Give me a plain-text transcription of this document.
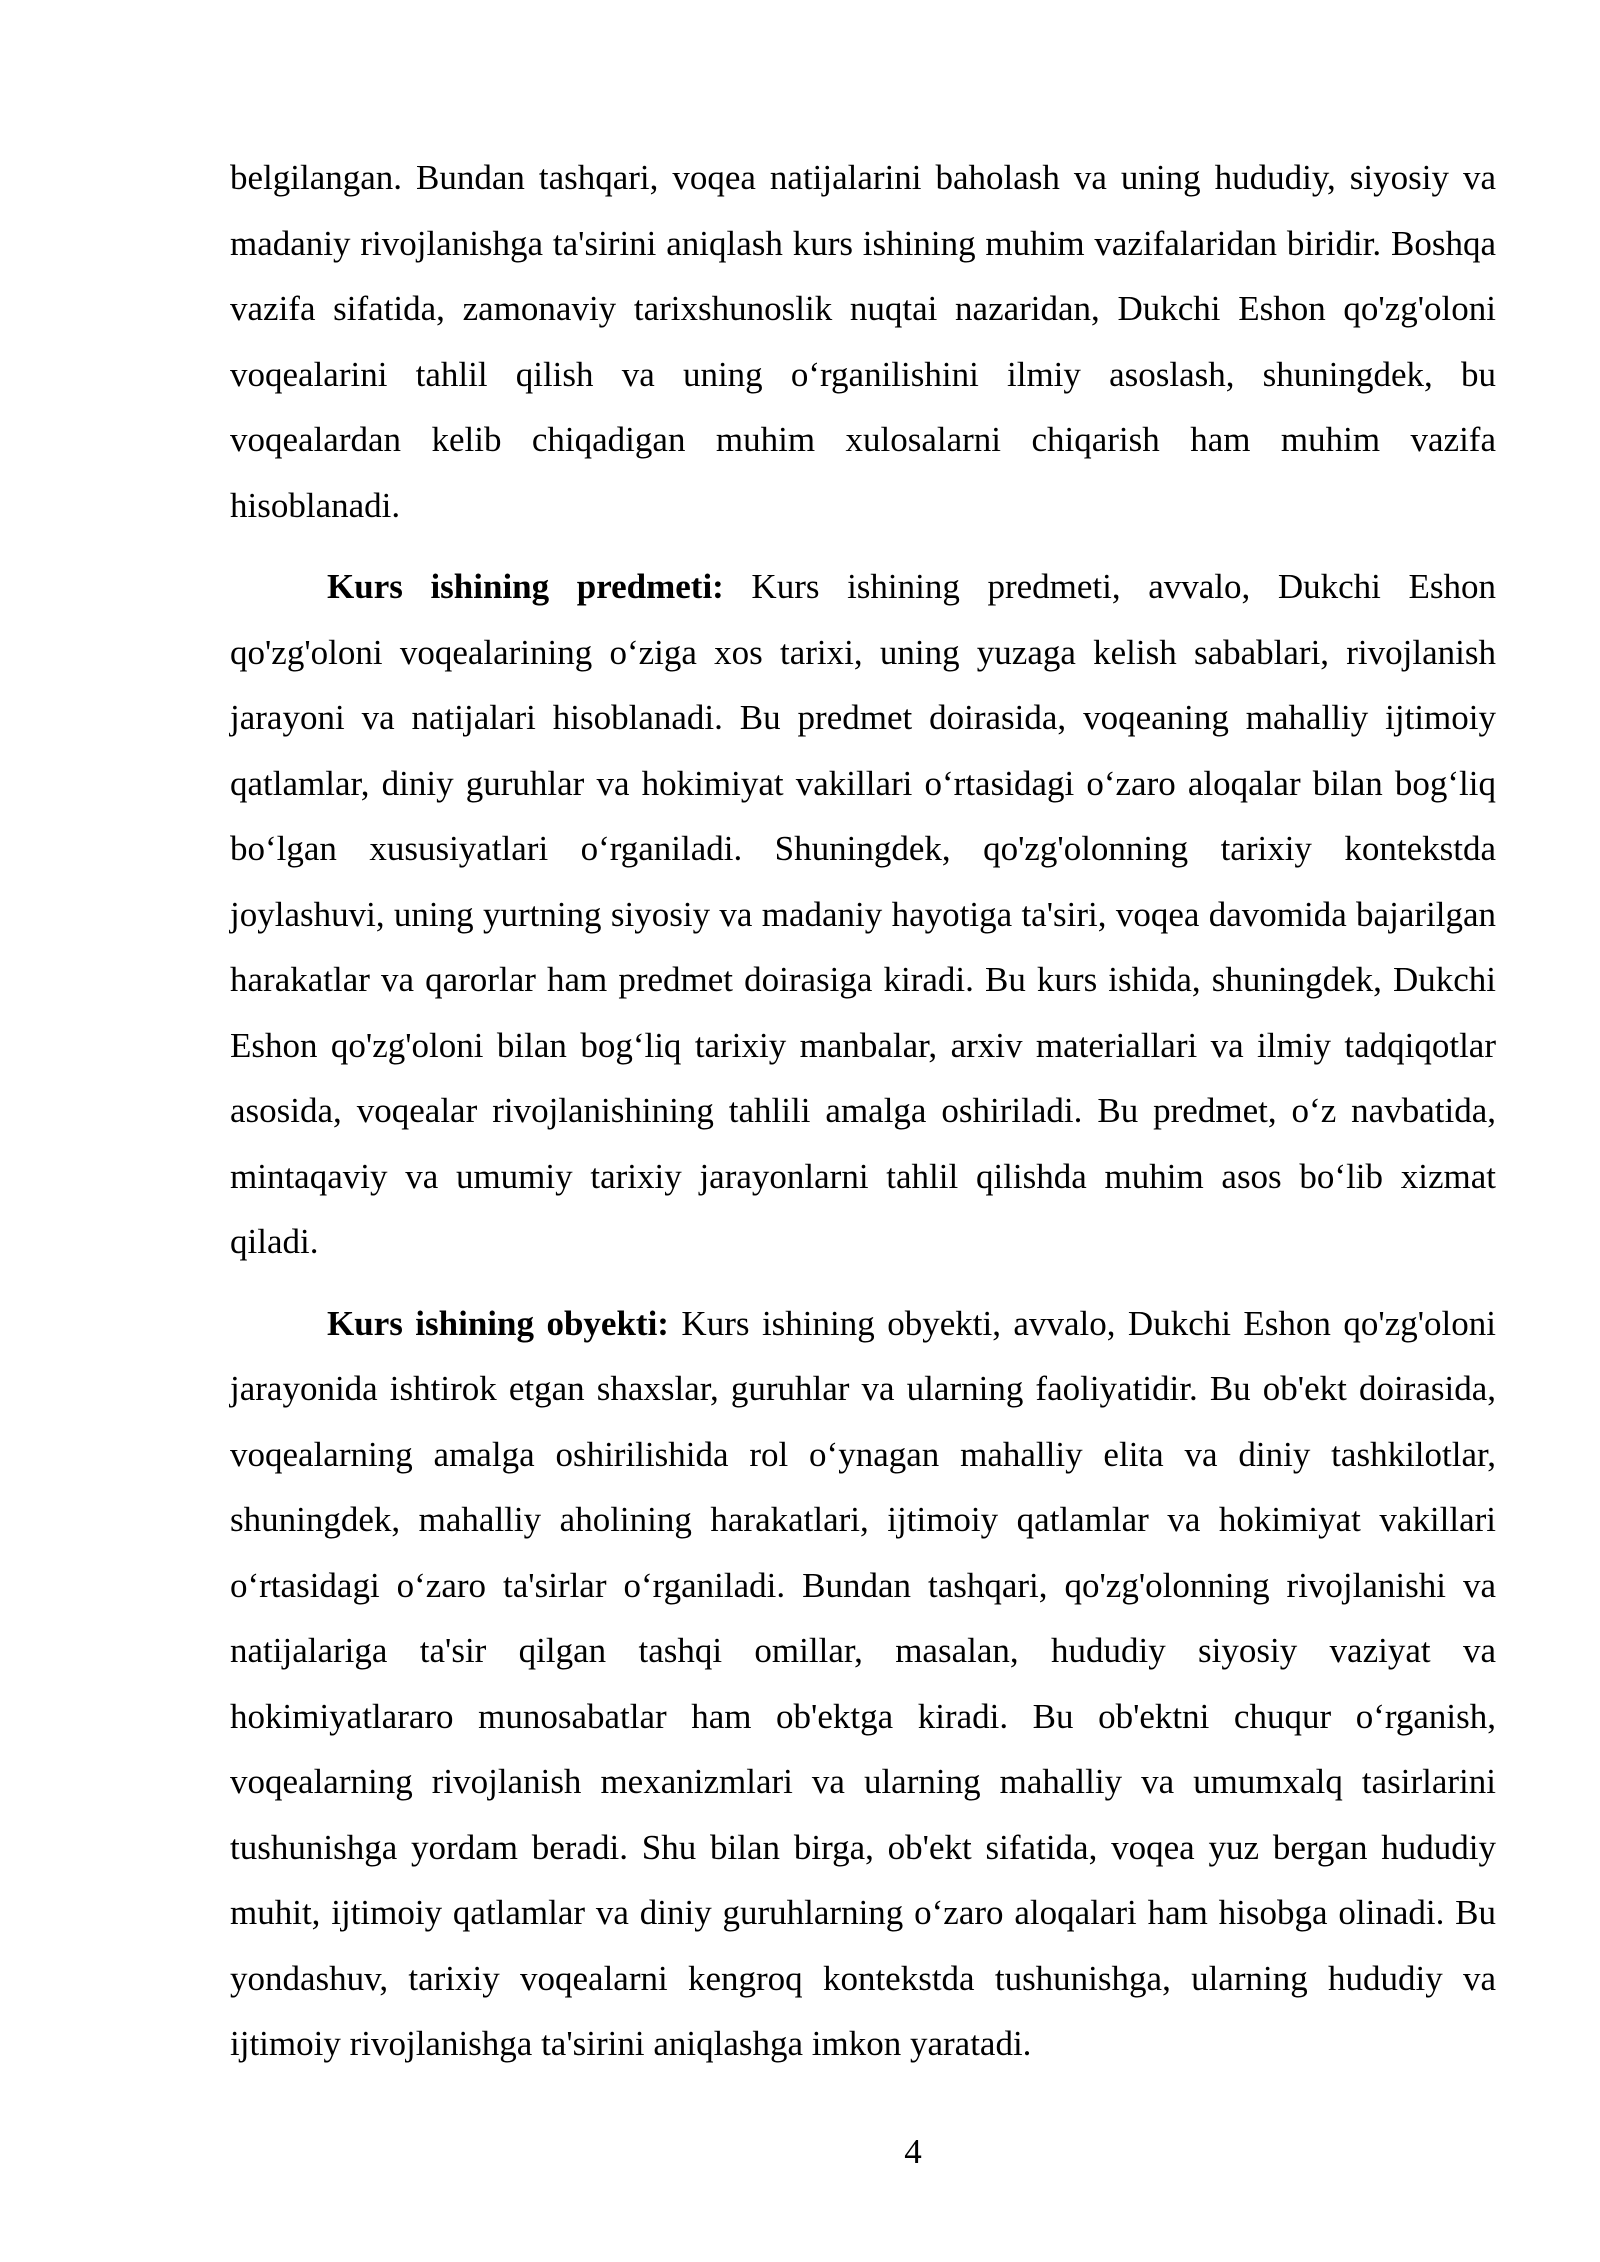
belgilangan. Bundan tashqari, voqea natijalarini baholash va uning hududiy, siyosiy va madaniy rivojlanishga ta'sirini aniqlash kurs ishining muhim vazifalaridan biridir. Boshqa vazifa sifatida, zamonaviy tarixshunoslik nuqtai nazaridan, Dukchi Eshon qo'zg'oloni voqealarini tahlil qilish va uning o‘rganilishini ilmiy asoslash, shuningdek, bu voqealardan kelib chiqadigan muhim xulosalarni chiqarish ham muhim vazifa hisoblanadi.

Kurs ishining predmeti: Kurs ishining predmeti, avvalo, Dukchi Eshon qo'zg'oloni voqealarining o‘ziga xos tarixi, uning yuzaga kelish sabablari, rivojlanish jarayoni va natijalari hisoblanadi. Bu predmet doirasida, voqeaning mahalliy ijtimoiy qatlamlar, diniy guruhlar va hokimiyat vakillari o‘rtasidagi o‘zaro aloqalar bilan bog‘liq bo‘lgan xususiyatlari o‘rganiladi. Shuningdek, qo'zg'olonning tarixiy kontekstda joylashuvi, uning yurtning siyosiy va madaniy hayotiga ta'siri, voqea davomida bajarilgan harakatlar va qarorlar ham predmet doirasiga kiradi. Bu kurs ishida, shuningdek, Dukchi Eshon qo'zg'oloni bilan bog‘liq tarixiy manbalar, arxiv materiallari va ilmiy tadqiqotlar asosida, voqealar rivojlanishining tahlili amalga oshiriladi. Bu predmet, o‘z navbatida, mintaqaviy va umumiy tarixiy jarayonlarni tahlil qilishda muhim asos bo‘lib xizmat qiladi.

Kurs ishining obyekti: Kurs ishining obyekti, avvalo, Dukchi Eshon qo'zg'oloni jarayonida ishtirok etgan shaxslar, guruhlar va ularning faoliyatidir. Bu ob'ekt doirasida, voqealarning amalga oshirilishida rol o‘ynagan mahalliy elita va diniy tashkilotlar, shuningdek, mahalliy aholining harakatlari, ijtimoiy qatlamlar va hokimiyat vakillari o‘rtasidagi o‘zaro ta'sirlar o‘rganiladi. Bundan tashqari, qo'zg'olonning rivojlanishi va natijalariga ta'sir qilgan tashqi omillar, masalan, hududiy siyosiy vaziyat va hokimiyatlararo munosabatlar ham ob'ektga kiradi. Bu ob'ektni chuqur o‘rganish, voqealarning rivojlanish mexanizmlari va ularning mahalliy va umumxalq tasirlarini tushunishga yordam beradi. Shu bilan birga, ob'ekt sifatida, voqea yuz bergan hududiy muhit, ijtimoiy qatlamlar va diniy guruhlarning o‘zaro aloqalari ham hisobga olinadi. Bu yondashuv, tarixiy voqealarni kengroq kontekstda tushunishga, ularning hududiy va ijtimoiy rivojlanishga ta'sirini aniqlashga imkon yaratadi.

4
